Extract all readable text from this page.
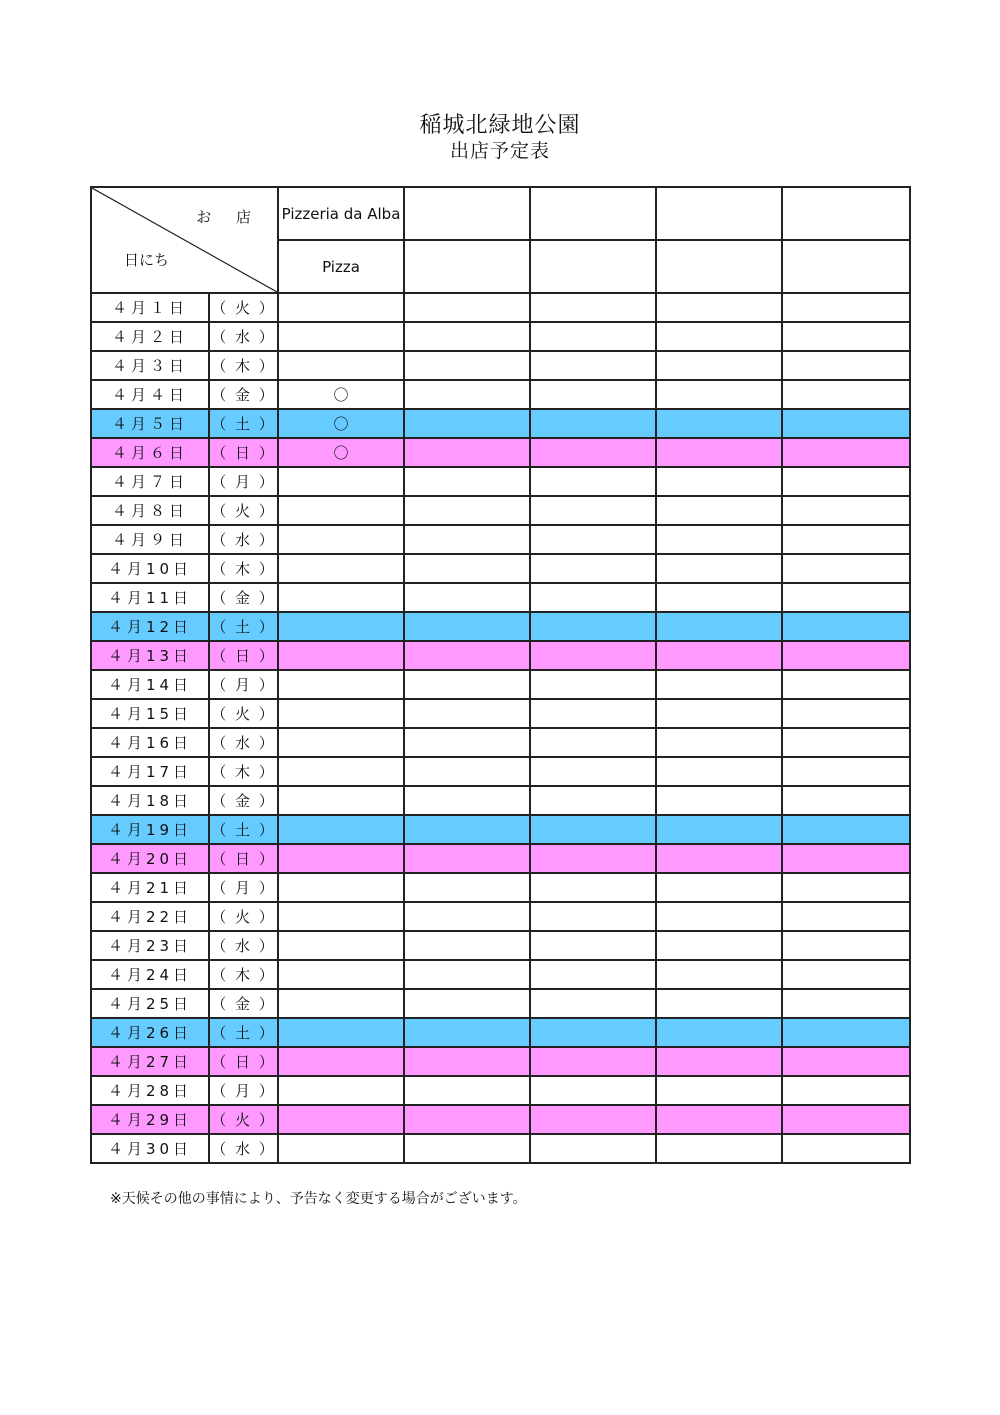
稲城北緑地公園
出店予定表
お 店
日にち		Pizzeria da Alba				

		Pizza				

４月１日	（ 火 ）					
４月２日	（ 水 ）					
４月３日	（ 木 ）					
４月４日	（ 金 ）	〇				
４月５日	（ 土 ）	〇				
４月６日	（ 日 ）	〇				
４月７日	（ 月 ）					
４月８日	（ 火 ）					
４月９日	（ 水 ）					
４月10日	（ 木 ）					
４月11日	（ 金 ）					
４月12日	（ 土 ）					
４月13日	（ 日 ）					
４月14日	（ 月 ）					
４月15日	（ 火 ）					
４月16日	（ 水 ）					
４月17日	（ 木 ）					
４月18日	（ 金 ）					
４月19日	（ 土 ）					
４月20日	（ 日 ）					
４月21日	（ 月 ）					
４月22日	（ 火 ）					
４月23日	（ 水 ）					
４月24日	（ 木 ）					
４月25日	（ 金 ）					
４月26日	（ 土 ）					
４月27日	（ 日 ）					
４月28日	（ 月 ）					
４月29日	（ 火 ）					
４月30日	（ 水 ）					

※天候その他の事情により、予告なく変更する場合がございます。
